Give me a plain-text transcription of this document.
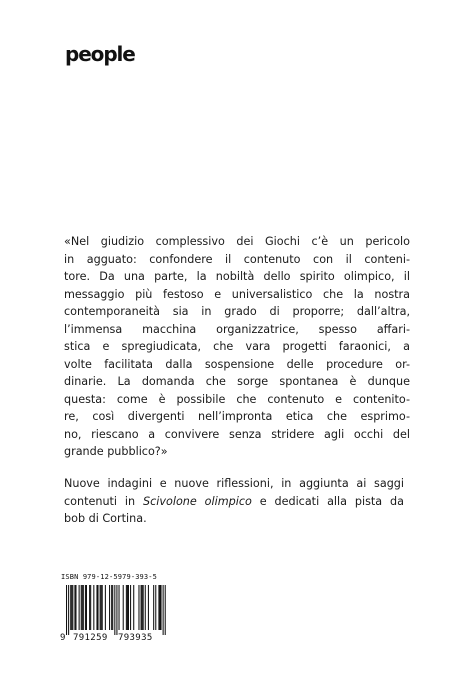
people
«Nel giudizio complessivo dei Giochi c’è un pericolo
in agguato: confondere il contenuto con il conteni-
tore. Da una parte, la nobiltà dello spirito olimpico, il
messaggio più festoso e universalistico che la nostra
contemporaneità sia in grado di proporre; dall’altra,
l’immensa macchina organizzatrice, spesso affari-
stica e spregiudicata, che vara progetti faraonici, a
volte facilitata dalla sospensione delle procedure or-
dinarie. La domanda che sorge spontanea è dunque
questa: come è possibile che contenuto e contenito-
re, così divergenti nell’impronta etica che esprimo-
no, riescano a convivere senza stridere agli occhi del
grande pubblico?»
Nuove indagini e nuove riflessioni, in aggiunta ai saggi
contenuti in Scivolone olimpico e dedicati alla pista da
bob di Cortina.
ISBN 979-12-5979-393-5
9 791259 793935
